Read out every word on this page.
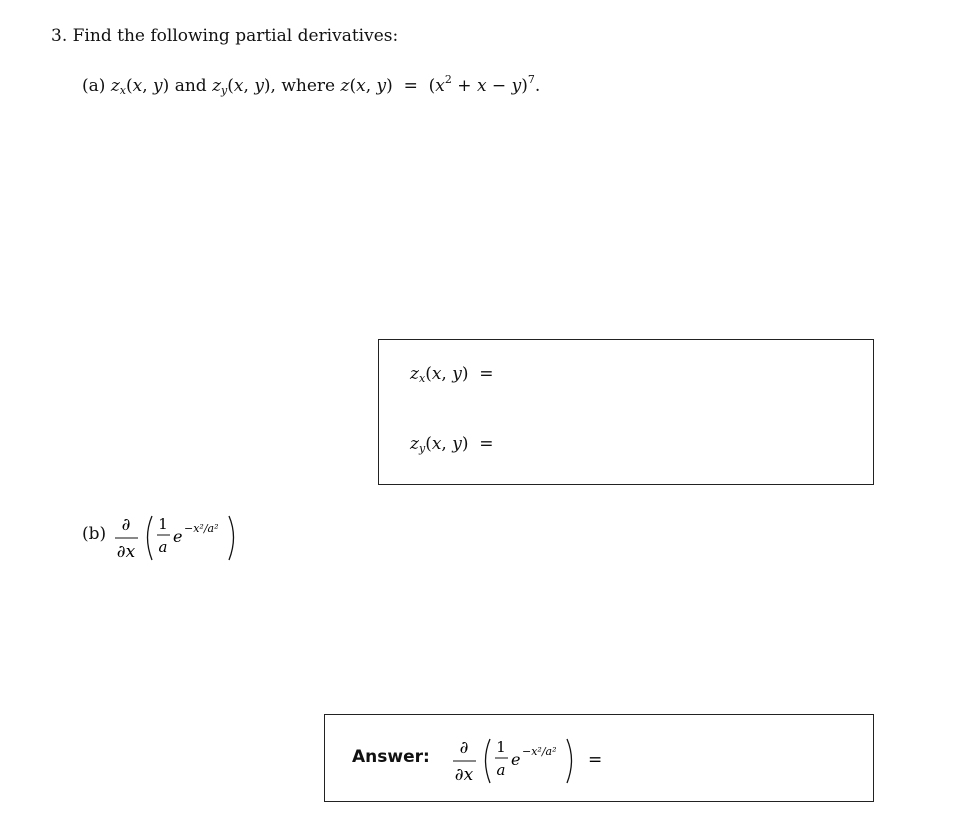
3. Find the following partial derivatives:
(a) $z_x(x$, y) and $z_y(x$, y), where z(x, $y) = (x^2 + x - y)^7$.
$z_x(x$, y)  =
$z_y(x$, y)  =
(b) ∂
∂x
1
a
e −x²/a²
Answer: ∂
∂x
1
a
e −x²/a² =
